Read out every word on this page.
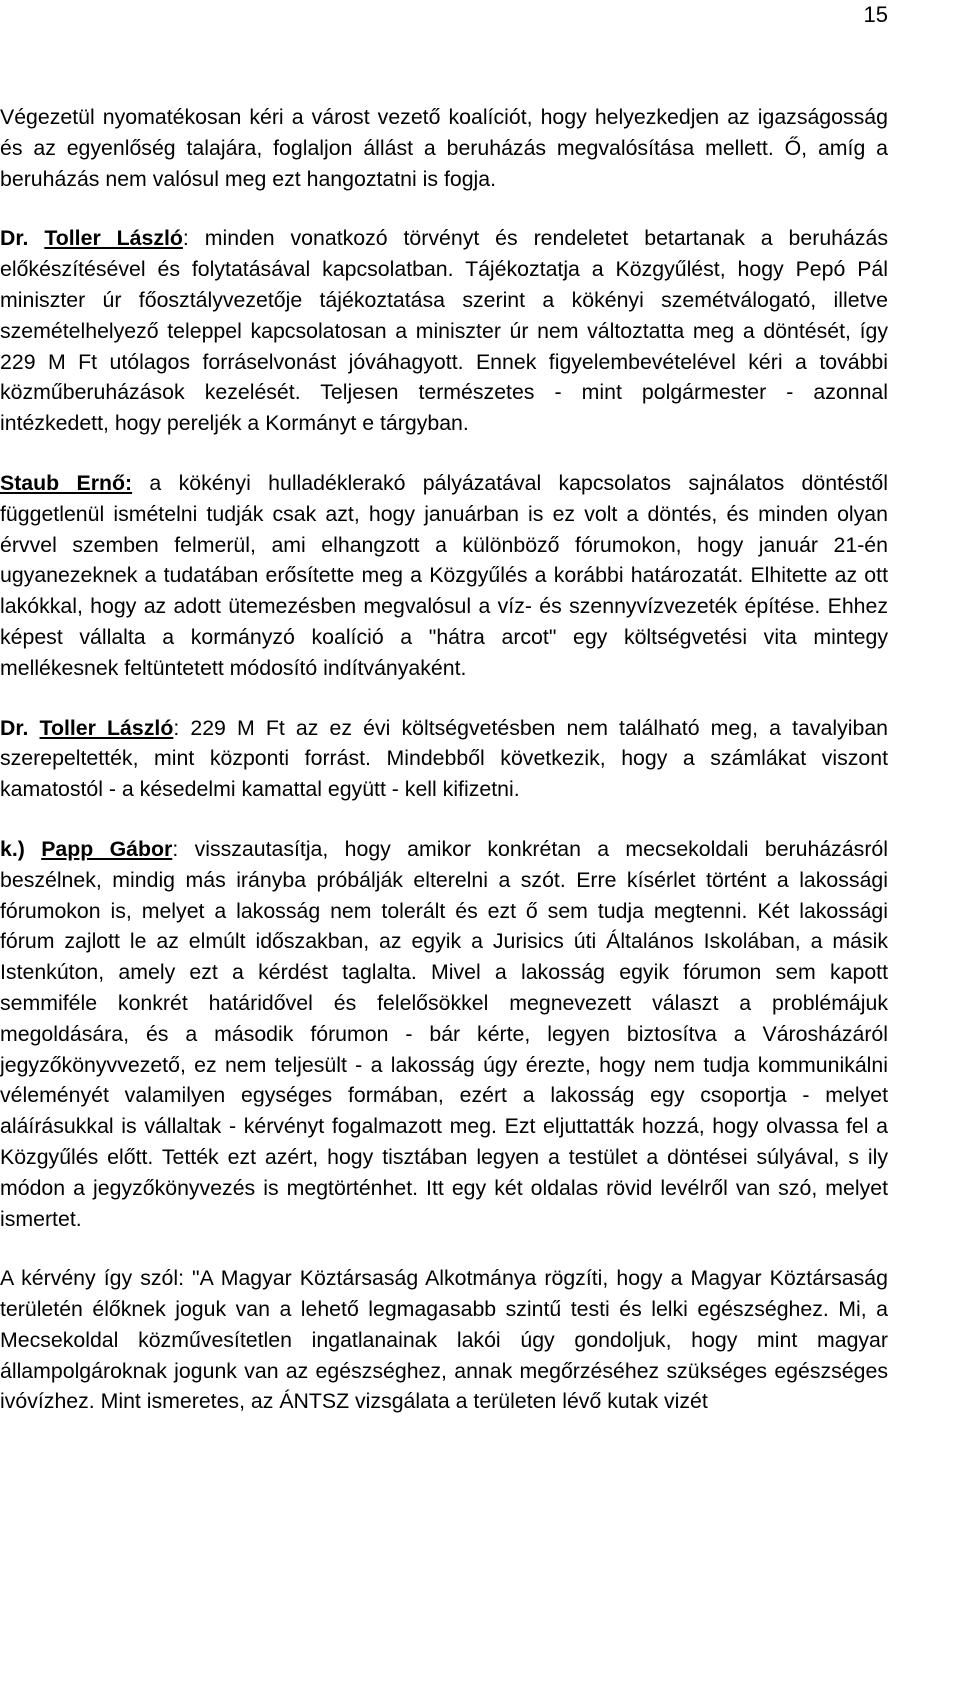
15

Végezetül nyomatékosan kéri a várost vezető koalíciót, hogy helyezkedjen az igazságosság és az egyenlőség talajára, foglaljon állást a beruházás megvalósítása mellett. Ő, amíg a beruházás nem valósul meg ezt hangoztatni is fogja.

Dr. Toller László: minden vonatkozó törvényt és rendeletet betartanak a beruházás előkészítésével és folytatásával kapcsolatban. Tájékoztatja a Közgyűlést, hogy Pepó Pál miniszter úr főosztályvezetője tájékoztatása szerint a kökényi szemétválogató, illetve szemételhelyező teleppel kapcsolatosan a miniszter úr nem változtatta meg a döntését, így 229 M Ft utólagos forráselvonást jóváhagyott. Ennek figyelembevételével kéri a további közműberuházások kezelését. Teljesen természetes - mint polgármester - azonnal intézkedett, hogy pereljék a Kormányt e tárgyban.

Staub Ernő: a kökényi hulladéklerakó pályázatával kapcsolatos sajnálatos döntéstől függetlenül ismételni tudják csak azt, hogy januárban is ez volt a döntés, és minden olyan érvvel szemben felmerül, ami elhangzott a különböző fórumokon, hogy január 21-én ugyanezeknek a tudatában erősítette meg a Közgyűlés a korábbi határozatát. Elhitette az ott lakókkal, hogy az adott ütemezésben megvalósul a víz- és szennyvízvezeték építése. Ehhez képest vállalta a kormányzó koalíció a "hátra arcot" egy költségvetési vita mintegy mellékesnek feltüntetett módosító indítványaként.

Dr. Toller László: 229 M Ft az ez évi költségvetésben nem található meg, a tavalyiban szerepeltették, mint központi forrást. Mindebből következik, hogy a számlákat viszont kamatostól - a késedelmi kamattal együtt - kell kifizetni.

k.) Papp Gábor: visszautasítja, hogy amikor konkrétan a mecsekoldali beruházásról beszélnek, mindig más irányba próbálják elterelni a szót. Erre kísérlet történt a lakossági fórumokon is, melyet a lakosság nem tolerált és ezt ő sem tudja megtenni. Két lakossági fórum zajlott le az elmúlt időszakban, az egyik a Jurisics úti Általános Iskolában, a másik Istenkúton, amely ezt a kérdést taglalta. Mivel a lakosság egyik fórumon sem kapott semmiféle konkrét határidővel és felelősökkel megnevezett választ a problémájuk megoldására, és a második fórumon - bár kérte, legyen biztosítva a Városházáról jegyzőkönyvvezető, ez nem teljesült - a lakosság úgy érezte, hogy nem tudja kommunikálni véleményét valamilyen egységes formában, ezért a lakosság egy csoportja - melyet aláírásukkal is vállaltak - kérvényt fogalmazott meg. Ezt eljuttatták hozzá, hogy olvassa fel a Közgyűlés előtt. Tették ezt azért, hogy tisztában legyen a testület a döntései súlyával, s ily módon a jegyzőkönyvezés is megtörténhet. Itt egy két oldalas rövid levélről van szó, melyet ismertet.

A kérvény így szól: "A Magyar Köztársaság Alkotmánya rögzíti, hogy a Magyar Köztársaság területén élőknek joguk van a lehető legmagasabb szintű testi és lelki egészséghez. Mi, a Mecsekoldal közművesítetlen ingatlanainak lakói úgy gondoljuk, hogy mint magyar állampolgároknak jogunk van az egészséghez, annak megőrzéséhez szükséges egészséges ivóvízhez. Mint ismeretes, az ÁNTSZ vizsgálata a területen lévő kutak vizét
